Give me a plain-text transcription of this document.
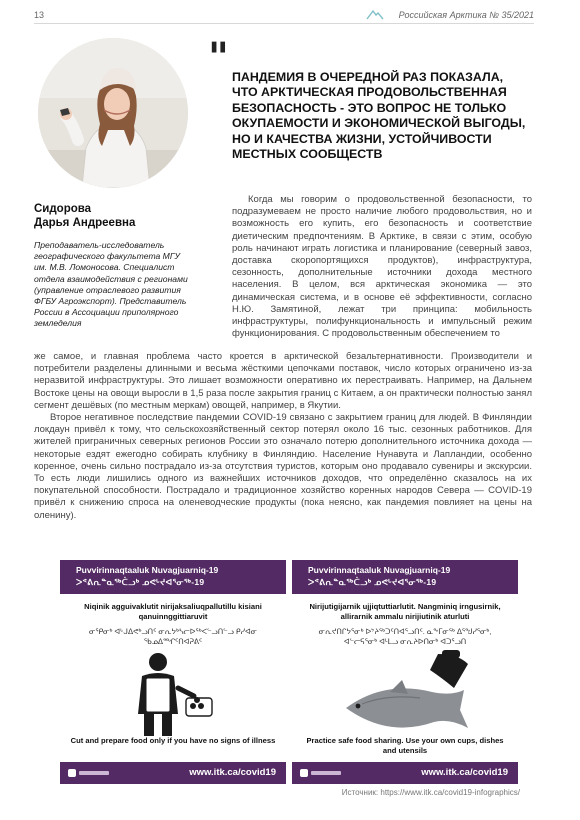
13	Российская Арктика № 35/2021
Сидорова
Дарья Андреевна
Преподаватель-исследователь географического факультета МГУ им. М.В. Ломоносова. Специалист отдела взаимодействия с регионами (управление отраслевого развития ФГБУ Агроэкспорт). Представитель России в Ассоциации приполярного земледелия
" ПАНДЕМИЯ В ОЧЕРЕДНОЙ РАЗ ПОКАЗАЛА, ЧТО АРКТИЧЕСКАЯ ПРОДОВОЛЬСТВЕННАЯ БЕЗОПАСНОСТЬ - ЭТО ВОПРОС НЕ ТОЛЬКО ОКУПАЕМОСТИ И ЭКОНОМИЧЕСКОЙ ВЫГОДЫ, НО И КАЧЕСТВА ЖИЗНИ, УСТОЙЧИВОСТИ МЕСТНЫХ СООБЩЕСТВ

Когда мы говорим о продовольственной безопасности, то подразумеваем не просто наличие любого продовольствия, но и возможность его купить, его безопасность и соответствие диетическим предпочтениям. В Арктике, в связи с этим, особую роль начинают играть логистика и планирование (северный завоз, доставка скоропортящихся продуктов), инфраструктура, сезонность, дополнительные источники дохода местного населения. В целом, вся арктическая экономика — это динамическая система, и в основе её эффективности, согласно Н.Ю. Замятиной, лежат три принципа: мобильность инфраструктуры, полифункциональность и импульсный режим функционирования. С продовольственным обеспечением то

же самое, и главная проблема часто кроется в арктической безальтернативности. Производители и потребители разделены длинными и весьма жёсткими цепочками поставок, число которых ограничено из-за неразвитой инфраструктуры. Это лишает возможности оперативно их перестраивать. Например, на Дальнем Востоке цены на овощи выросли в 1,5 раза после закрытия границ с Китаем, а он практически полностью занял сегмент дешёвых (по местным меркам) овощей, например, в Якутии.

Второе негативное последствие пандемии COVID-19 связано с закрытием границ для людей. В Финляндии локдаун привёл к тому, что сельскохозяйственный сектор потерял около 16 тыс. сезонных работников. Для жителей приграничных северных регионов России это означало потерю дополнительного источника дохода — некоторые ездят ежегодно собирать клубнику в Финляндию. Население Нунавута и Лапландии, особенно коренное, очень сильно пострадало из-за отсутствия туристов, которым оно продавало сувениры и экскурсии. То есть люди лишились одного из важнейших источников доходов, что определённо сказалось на их покупательной способности. Пострадало и традиционное хозяйство коренных народов Севера — COVID-19 привёл к снижению спроса на оленеводческие продукты (пока неясно, как пандемия повлияет на цены на оленину).

Puvvirinnaqtaaluk Nuvagjuarniq-19
ᐳᕝᕕᕆᓐᓇᖅᑖᓗᒃ ᓄᕙᒡᔪᐊᕐᓂᖅ-19
Niqinik agguivaklutit nirijaksaliuqpallutillu kisiani qanuinnggittiaruvit
ᓂᕿᓂᒃ ᐊᒡᒍᐃᕙᒃᓗᑎᑦ ᓂᕆᔭᒃᓴᓕᐅᖅᐸᓪᓗᑎᓪᓗ ᑭᓯᐊᓂ ᖃᓄᐃᙱᑦᑎᐊᕈᕕᑦ
Cut and prepare food only if you have no signs of illness
www.itk.ca/covid19
Puvvirinnaqtaaluk Nuvagjuarniq-19
ᐳᕝᕕᕆᓐᓇᖅᑖᓗᒃ ᓄᕙᒡᔪᐊᕐᓂᖅ-19
Nirijutigijarnik ujjiqtuttiarlutit. Nangminiq irngusirnik, allirarnik ammalu nirijiutinik aturluti
ᓂᕆᔪᑎᒋᔭᕐᓂᒃ ᐅᔾᔨᖅᑐᑦᑎᐊᕐᓗᑎᑦ. ᓇᖕᒥᓂᖅ ᐃᕐᖑᓯᕐᓂᒃ, ᐊᓪᓕᕋᕐᓂᒃ ᐊᒻᒪᓗ ᓂᕆᔨᐅᑎᓂᒃ ᐊᑐᕐᓗᑎ
Practice safe food sharing. Use your own cups, dishes and utensils
www.itk.ca/covid19
Источник: https://www.itk.ca/covid19-infographics/
